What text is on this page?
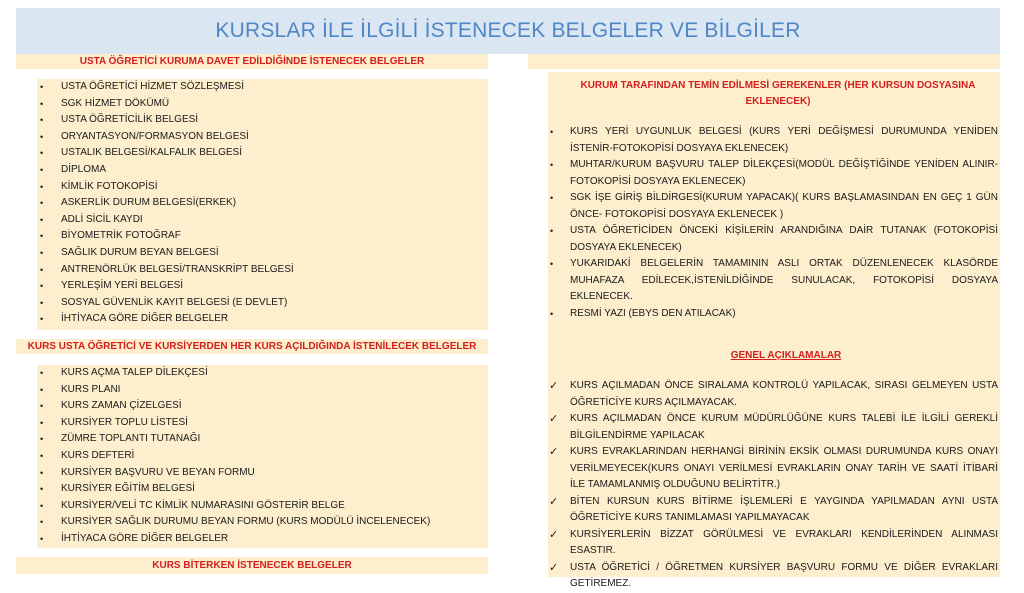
KURSLAR İLE İLGİLİ İSTENECEK BELGELER VE BİLGİLER
USTA ÖĞRETİCİ KURUMA DAVET EDİLDİĞİNDE İSTENECEK BELGELER
• USTA ÖĞRETİCİ HİZMET SÖZLEŞMESİ
• SGK HİZMET DÖKÜMÜ
• USTA ÖĞRETİCİLİK BELGESİ
• ORYANTASYON/FORMASYON BELGESİ
• USTALIK BELGESİ/KALFALIK BELGESİ
• DİPLOMA
• KİMLİK FOTOKOPİSİ
• ASKERLİK DURUM BELGESİ(ERKEK)
• ADLİ SİCİL KAYDI
• BİYOMETRİK FOTOĞRAF
• SAĞLIK DURUM BEYAN BELGESİ
• ANTRENÖRLÜK BELGESİ/TRANSKRİPT BELGESİ
• YERLEŞİM YERİ BELGESİ
• SOSYAL GÜVENLİK KAYIT BELGESİ (E DEVLET)
• İHTİYACA GÖRE DİĞER BELGELER
KURS USTA ÖĞRETİCİ VE KURSİYERDEN HER KURS AÇILDIĞINDA İSTENİLECEK BELGELER
• KURS AÇMA TALEP DİLEKÇESİ
• KURS PLANI
• KURS ZAMAN ÇİZELGESİ
• KURSİYER TOPLU LİSTESİ
• ZÜMRE TOPLANTI TUTANAĞI
• KURS DEFTERİ
• KURSİYER BAŞVURU VE BEYAN FORMU
• KURSİYER EĞİTİM BELGESİ
• KURSİYER/VELİ TC KİMLİK NUMARASINI GÖSTERİR BELGE
• KURSİYER SAĞLIK DURUMU BEYAN FORMU (KURS MODÜLÜ İNCELENECEK)
• İHTİYACA GÖRE DİĞER BELGELER
KURS BİTERKEN İSTENECEK BELGELER
KURUM TARAFINDAN TEMİN EDİLMESİ GEREKENLER (HER KURSUN DOSYASINA EKLENECEK)
• KURS YERİ UYGUNLUK BELGESİ (KURS YERİ DEĞİŞMESİ DURUMUNDA YENİDEN İSTENİR-FOTOKOPİSİ DOSYAYA EKLENECEK)
• MUHTAR/KURUM BAŞVURU TALEP DİLEKÇESİ(MODÜL DEĞİŞTİĞİNDE YENİDEN ALINIR-FOTOKOPİSİ DOSYAYA EKLENECEK)
• SGK İŞE GİRİŞ BİLDİRGESİ(KURUM YAPACAK)( KURS BAŞLAMASINDAN EN GEÇ 1 GÜN ÖNCE- FOTOKOPİSİ DOSYAYA EKLENECEK )
• USTA ÖĞRETİCİDEN ÖNCEKİ KİŞİLERİN ARANDIĞINA DAİR TUTANAK (FOTOKOPİSİ DOSYAYA EKLENECEK)
• YUKARIDAKİ BELGELERİN TAMAMININ ASLI ORTAK DÜZENLENECEK KLASÖRDE MUHAFAZA EDİLECEK,İSTENİLDİĞİNDE SUNULACAK, FOTOKOPİSİ DOSYAYA EKLENECEK.
• RESMİ YAZI (EBYS DEN ATILACAK)
GENEL AÇIKLAMALAR
✓ KURS AÇILMADAN ÖNCE SIRALAMA KONTROLÜ YAPILACAK, SIRASI GELMEYEN USTA ÖĞRETİCİYE KURS AÇILMAYACAK.
✓ KURS AÇILMADAN ÖNCE KURUM MÜDÜRLÜĞÜNE KURS TALEBİ İLE İLGİLİ GEREKLİ BİLGİLENDİRME YAPILACAK
✓ KURS EVRAKLARINDAN HERHANGİ BİRİNİN EKSİK OLMASI DURUMUNDA KURS ONAYI VERİLMEYECEK(KURS ONAYI VERİLMESİ EVRAKLARIN ONAY TARİH VE SAATİ İTİBARİ İLE TAMAMLANMIŞ OLDUĞUNU BELİRTİTR.)
✓ BİTEN KURSUN KURS BİTİRME İŞLEMLERİ E YAYGINDA YAPILMADAN AYNI USTA ÖĞRETİCİYE KURS TANIMLAMASI YAPILMAYACAK
✓ KURSİYERLERİN BİZZAT GÖRÜLMESİ VE EVRAKLARI KENDİLERİNDEN ALINMASI ESASTIR.
✓ USTA ÖĞRETİCİ / ÖĞRETMEN KURSİYER BAŞVURU FORMU VE DİĞER EVRAKLARI GETİREMEZ.
